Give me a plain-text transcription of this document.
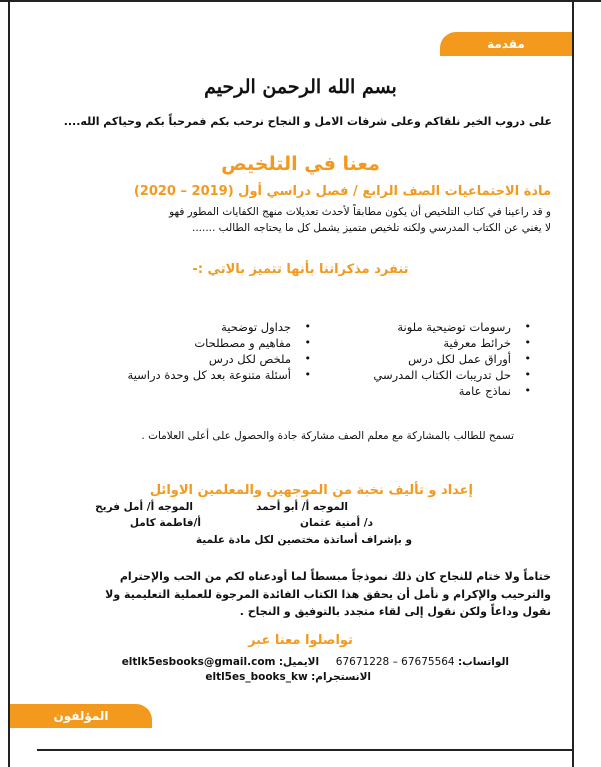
مقدمة
بسم الله الرحمن الرحيم
على دروب الخير نلقاكم وعلى شرفات الامل و النجاح نرحب بكم فمرحباً بكم وحياكم الله....
معنا في التلخيص
مادة الاجتماعيات الصف الرابع / فصل دراسي أول (2019 – 2020)
و قد راعينا في كتاب التلخيص أن يكون مطابقاً لأحدث تعديلات منهج الكفايات المطور فهو
لا يغني عن الكتاب المدرسي ولكنه تلخيص متميز يشمل كل ما يحتاجه الطالب .......
تنفرد مذكراتنا بأنها تتميز بالاتي :-
• رسومات توضيحية ملونة
• خرائط معرفية
• أوراق عمل لكل درس
• حل تدريبات الكتاب المدرسي
• نماذج عامة
• جداول توضحية
• مفاهيم و مصطلحات
• ملخص لكل درس
• أسئلة متنوعة بعد كل وحدة دراسية
تسمح للطالب بالمشاركة مع معلم الصف مشاركة جادة والحصول على أعلى العلامات .
إعداد و تأليف نخبة من الموجهين والمعلمين الاوائل
الموجه أ/ أبو أحمد
الموجه أ/ أمل فريح
د/ أمنية عثمان
أ/فاطمة كامل
و بإشراف أساتذة مختصين لكل مادة علمية
ختاماً ولا ختام للنجاح كان ذلك نموذجاً مبسطاً لما أودعناه لكم من الحب والإحترام
والترحيب والإكرام و نأمل أن يحقق هذا الكتاب الفائدة المرجوة للعملية التعليمية ولا
نقول وداعاً ولكن نقول إلى لقاء متجدد بالتوفيق و النجاح .
تواصلوا معنا عبر
الواتساب: 67671228 – 67675564     الايميل: eltlk5esbooks@gmail.com
الانستجرام: eltl5es_books_kw
المؤلفون
